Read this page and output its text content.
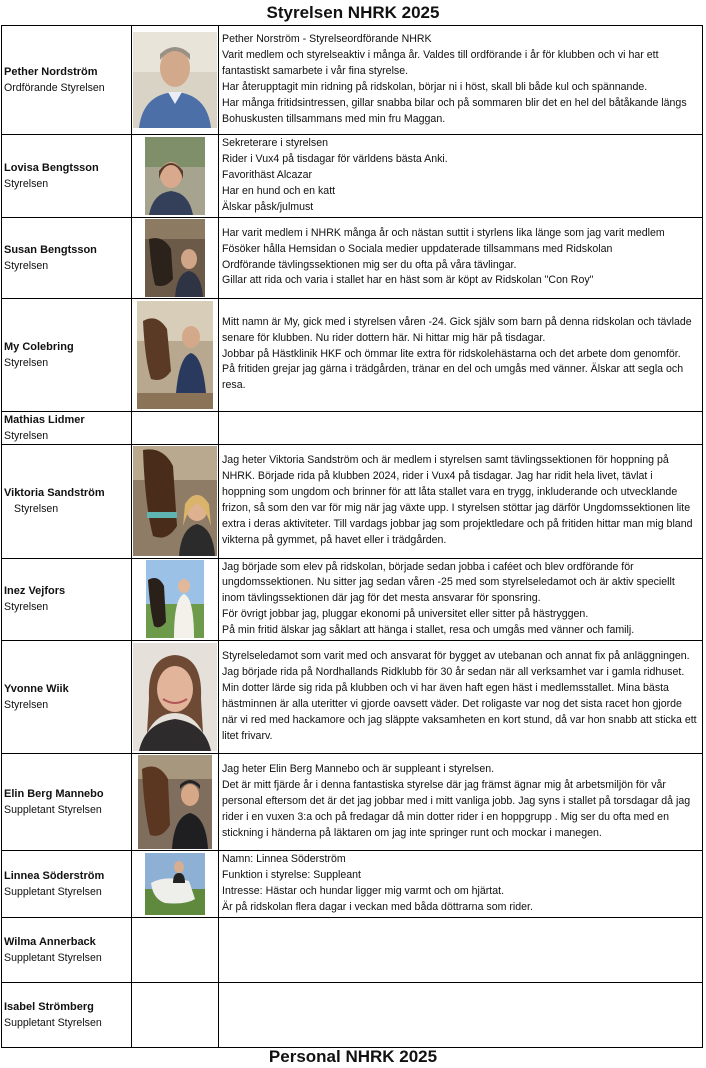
Styrelsen NHRK 2025
Pether Nordström
Ordförande Styrelsen		Pether Norström - Styrelseordförande NHRK
Varit medlem och styrelseaktiv i många år. Valdes till ordförande i år för klubben och vi har ett fantastiskt samarbete i vår fina styrelse.
Har återupptagit min ridning på ridskolan, börjar ni i höst, skall bli både kul och spännande.
Har många fritidsintressen, gillar snabba bilar och på sommaren blir det en hel del båtåkande längs Bohuskusten tillsammans med min fru Maggan.

Lovisa Bengtsson
Styrelsen		Sekreterare i styrelsen
Rider i Vux4 på tisdagar för världens bästa Anki.
Favorithäst Alcazar
Har en hund och en katt
Älskar påsk/julmust

Susan Bengtsson
Styrelsen		Har varit medlem i NHRK många år och nästan suttit i styrlens lika länge som jag varit medlem
Fösöker hålla Hemsidan o Sociala medier uppdaterade tillsammans med Ridskolan
Ordförande tävlingssektionen mig ser du ofta på våra tävlingar.
Gillar att rida och varia i stallet har en häst som är köpt av Ridskolan "Con Roy"

My Colebring
Styrelsen		Mitt namn är My, gick med i styrelsen våren -24. Gick själv som barn på denna ridskolan och tävlade senare för klubben. Nu rider dottern här. Ni hittar mig här på tisdagar.
Jobbar på Hästklinik HKF och ömmar lite extra för ridskolehästarna och det arbete dom genomför.
På fritiden grejar jag gärna i trädgården, tränar en del och umgås med vänner. Älskar att segla och resa.

Mathias Lidmer
Styrelsen		

Viktoria Sandström
Styrelsen		Jag heter Viktoria Sandström och är medlem i styrelsen samt tävlingssektionen för hoppning på NHRK. Började rida på klubben 2024, rider i Vux4 på tisdagar. Jag har ridit hela livet, tävlat i hoppning som ungdom och brinner för att låta stallet vara en trygg, inkluderande och utvecklande frizon, så som den var för mig när jag växte upp. I styrelsen stöttar jag därför Ungdomssektionen lite extra i deras aktiviteter. Till vardags jobbar jag som projektledare och på fritiden hittar man mig bland vikterna på gymmet, på havet eller i trädgården.

Inez Vejfors
Styrelsen		Jag började som elev på ridskolan, började sedan jobba i caféet och blev ordförande för ungdomssektionen. Nu sitter jag sedan våren -25 med som styrelseledamot och är aktiv speciellt inom tävlingssektionen där jag för det mesta ansvarar för sponsring.
För övrigt jobbar jag, pluggar ekonomi på universitet eller sitter på hästryggen.
På min fritid älskar jag såklart att hänga i stallet, resa och umgås med vänner och familj.

Yvonne Wiik
Styrelsen		Styrelseledamot som varit med och ansvarat för bygget av utebanan och annat fix på anläggningen.
Jag började rida på Nordhallands Ridklubb för 30 år sedan när all verksamhet var i gamla ridhuset. Min dotter lärde sig rida på klubben och vi har även haft egen häst i medlemsstallet. Mina bästa hästminnen är alla uteritter vi gjorde oavsett väder. Det roligaste var nog det sista racet hon gjorde när vi red med hackamore och jag släppte vaksamheten en kort stund, då var hon snabb att sticka ett litet frivarv.

Elin Berg Mannebo
Suppletant Styrelsen		Jag heter Elin Berg Mannebo och är suppleant i styrelsen.
Det är mitt fjärde år i denna fantastiska styrelse där jag främst ägnar mig åt arbetsmiljön för vår personal eftersom det är det jag jobbar med i mitt vanliga jobb. Jag syns i stallet på torsdagar då jag rider i en vuxen 3:a och på fredagar då min dotter rider i en hoppgrupp . Mig ser du ofta med en stickning i händerna på läktaren om jag inte springer runt och mockar i manegen.

Linnea Söderström
Suppletant Styrelsen		Namn: Linnea Söderström
Funktion i styrelse: Suppleant
Intresse: Hästar och hundar ligger mig varmt och om hjärtat.
Är på ridskolan flera dagar i veckan med båda döttrarna som rider.

Wilma Annerback
Suppletant Styrelsen		

Isabel Strömberg
Suppletant Styrelsen		

Personal NHRK 2025
